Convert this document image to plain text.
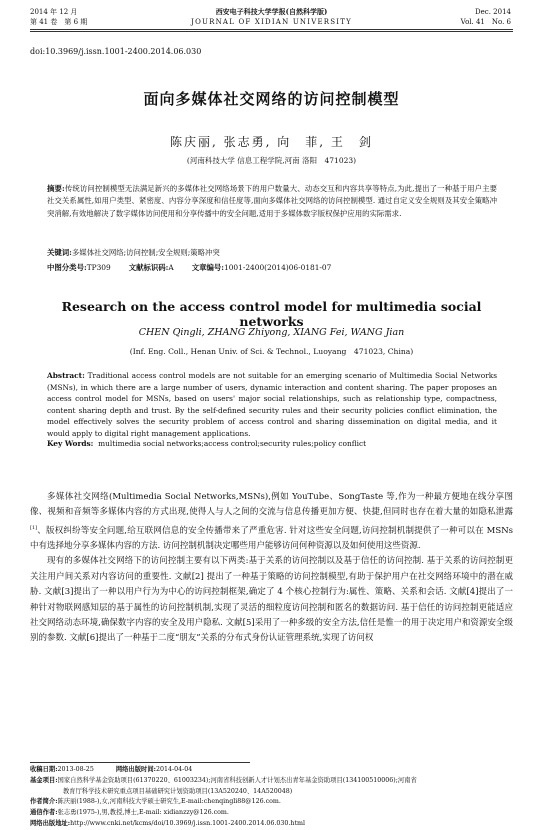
2014 年 12 月
第 41 卷　第 6 期
西安电子科技大学学报(自然科学版)
JOURNAL OF XIDIAN UNIVERSITY
Dec. 2014
Vol. 41　No. 6
doi:10.3969/j.issn.1001-2400.2014.06.030
面向多媒体社交网络的访问控制模型
陈庆丽, 张志勇, 向　菲, 王　剑
(河南科技大学 信息工程学院,河南 洛阳　471023)
摘要:传统访问控制模型无法满足新兴的多媒体社交网络场景下的用户数量大、动态交互和内容共享等特点,为此,提出了一种基于用户主要社交关系属性,如用户类型、紧密度、内容分享深度和信任度等,面向多媒体社交网络的访问控制模型. 通过自定义安全规则及其安全策略冲突消解,有效地解决了数字媒体访问使用和分享传播中的安全问题,适用于多媒体数字版权保护应用的实际需求.
关键词:多媒体社交网络;访问控制;安全规则;策略冲突
中图分类号:TP309 文献标识码:A 文章编号:1001-2400(2014)06-0181-07
Research on the access control model for multimedia social networks
CHEN Qingli, ZHANG Zhiyong, XIANG Fei, WANG Jian
(Inf. Eng. Coll., Henan Univ. of Sci. & Technol., Luoyang　471023, China)
Abstract: Traditional access control models are not suitable for an emerging scenario of Multimedia Social Networks (MSNs), in which there are a large number of users, dynamic interaction and content sharing. The paper proposes an access control model for MSNs, based on users' major social relationships, such as relationship type, compactness, content sharing depth and trust. By the self-defined security rules and their security policies conflict elimination, the model effectively solves the security problem of access control and sharing dissemination on digital media, and it would apply to digital right management applications.
Key Words: multimedia social networks;access control;security rules;policy conflict

多媒体社交网络(Multimedia Social Networks,MSNs),例如 YouTube、SongTaste 等,作为一种最方便地在线分享图像、视频和音频等多媒体内容的方式出现,使得人与人之间的交流与信息传播更加方便、快捷,但同时也存在着大量的如隐私泄露[1]、版权纠纷等安全问题,给互联网信息的安全传播带来了严重危害. 针对这些安全问题,访问控制机制提供了一种可以在 MSNs 中有选择地分享多媒体内容的方法. 访问控制机制决定哪些用户能够访问何种资源以及如何使用这些资源.

现有的多媒体社交网络下的访问控制主要有以下两类:基于关系的访问控制以及基于信任的访问控制. 基于关系的访问控制更关注用户间关系对内容访问的重要性. 文献[2] 提出了一种基于策略的访问控制模型,有助于保护用户在社交网络环境中的潜在威胁. 文献[3]提出了一种以用户行为为中心的访问控制框架,确定了 4 个核心控制行为:属性、策略、关系和会话. 文献[4]提出了一种针对物联网感知层的基于属性的访问控制机制,实现了灵活的细粒度访问控制和匿名的数据访问. 基于信任的访问控制更能适应社交网络动态环境,确保数字内容的安全及用户隐私. 文献[5]采用了一种多级的安全方法,信任是惟一的用于决定用户和资源安全级别的参数. 文献[6]提出了一种基于二度“朋友”关系的分布式身份认证管理系统,实现了访问权

收稿日期:2013-08-25	网络出版时间:2014-04-04
基金项目:国家自然科学基金资助项目(61370220、61003234);河南省科技创新人才计划杰出青年基金资助项目(134100510006);河南省
教育厅科学技术研究重点项目基础研究计划资助项目(13A520240、14A520048)
作者简介:陈庆丽(1988-),女,河南科技大学硕士研究生,E-mail:chenqingli88@126.com.
通信作者:张志勇(1975-),男,教授,博士,E-mail: xidianzzy@126.com.
网络出版地址:http://www.cnki.net/kcms/doi/10.3969/j.issn.1001-2400.2014.06.030.html
